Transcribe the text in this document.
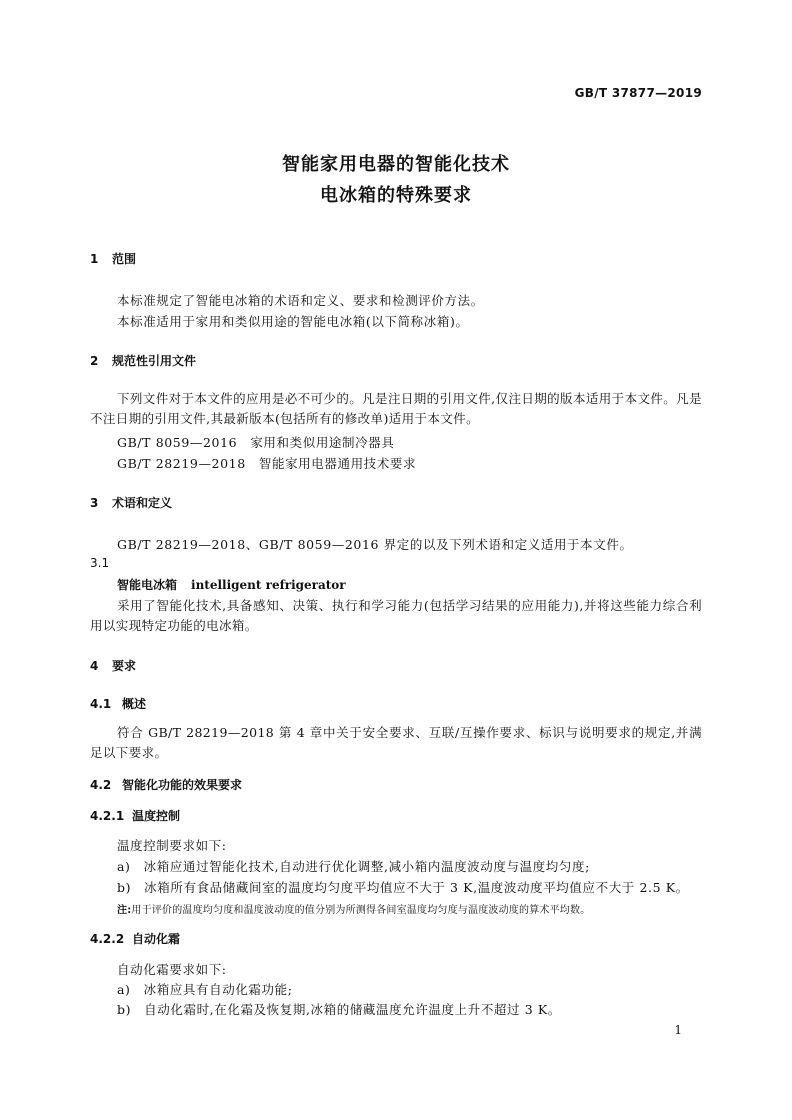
GB/T 37877—2019
智能家用电器的智能化技术
电冰箱的特殊要求
1 范围
本标准规定了智能电冰箱的术语和定义、要求和检测评价方法。
本标准适用于家用和类似用途的智能电冰箱(以下简称冰箱)。
2 规范性引用文件
下列文件对于本文件的应用是必不可少的。凡是注日期的引用文件,仅注日期的版本适用于本文件。凡是不注日期的引用文件,其最新版本(包括所有的修改单)适用于本文件。
GB/T 8059—2016　家用和类似用途制冷器具
GB/T 28219—2018　智能家用电器通用技术要求
3 术语和定义
GB/T 28219—2018、GB/T 8059—2016 界定的以及下列术语和定义适用于本文件。
3.1
智能电冰箱 intelligent refrigerator
采用了智能化技术,具备感知、决策、执行和学习能力(包括学习结果的应用能力),并将这些能力综合利用以实现特定功能的电冰箱。
4 要求
4.1 概述
符合 GB/T 28219—2018 第 4 章中关于安全要求、互联/互操作要求、标识与说明要求的规定,并满足以下要求。
4.2 智能化功能的效果要求
4.2.1 温度控制
温度控制要求如下:
a)　冰箱应通过智能化技术,自动进行优化调整,减小箱内温度波动度与温度均匀度;
b)　冰箱所有食品储藏间室的温度均匀度平均值应不大于 3 K,温度波动度平均值应不大于 2.5 K。
注:用于评价的温度均匀度和温度波动度的值分别为所测得各间室温度均匀度与温度波动度的算术平均数。
4.2.2 自动化霜
自动化霜要求如下:
a)　冰箱应具有自动化霜功能;
b)　自动化霜时,在化霜及恢复期,冰箱的储藏温度允许温度上升不超过 3 K。
1
